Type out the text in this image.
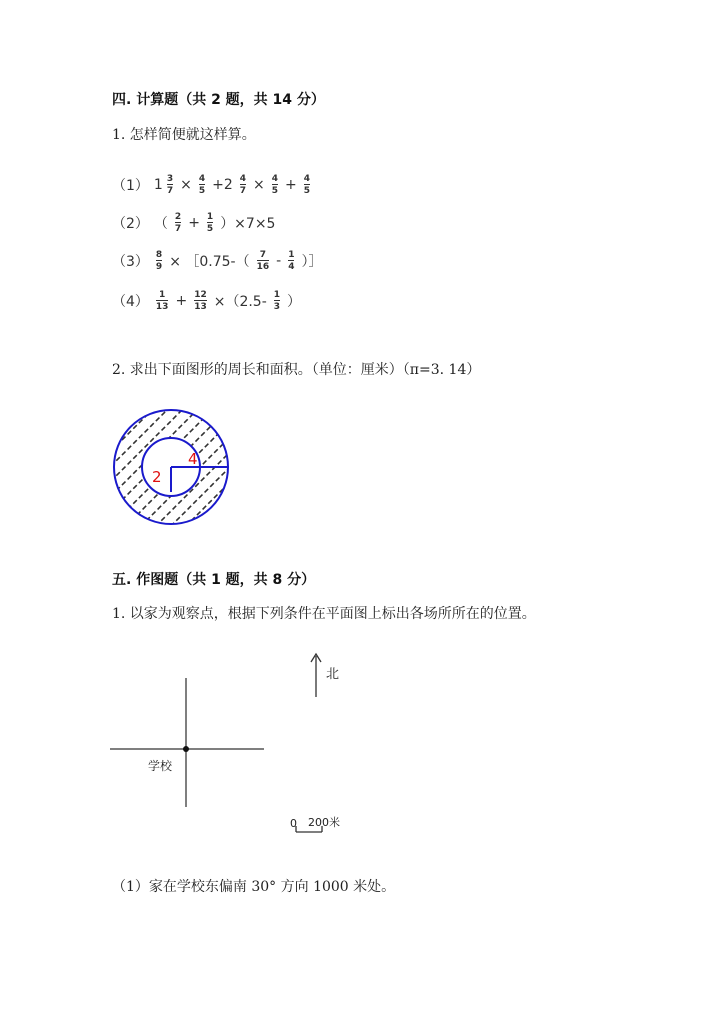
四. 计算题（共 2 题，共 14 分）
1. 怎样简便就这样算。
（1） $1 \frac{3}{7} \times \frac{4}{5} +2 \frac{4}{7} \times \frac{4}{5} + \frac{4}{5}$
（2） （ $\frac{2}{7} + \frac{1}{5} )\times 7\times 5$
$(3) \frac{8}{9}$ × ［0.75-（ $\frac{7}{16} - \frac{1}{4}$ ）］
$(4) \frac{1}{13} + \frac{12}{13} \times(2.5- \frac{1}{3}$ ）
2. 求出下面图形的周长和面积。（单位：厘米）（π=3. 14）
2
4
五. 作图题（共 1 题，共 8 分）
1. 以家为观察点，根据下列条件在平面图上标出各场所所在的位置。
学校
北
0 200米
（1）家在学校东偏南 30° 方向 1000 米处。
